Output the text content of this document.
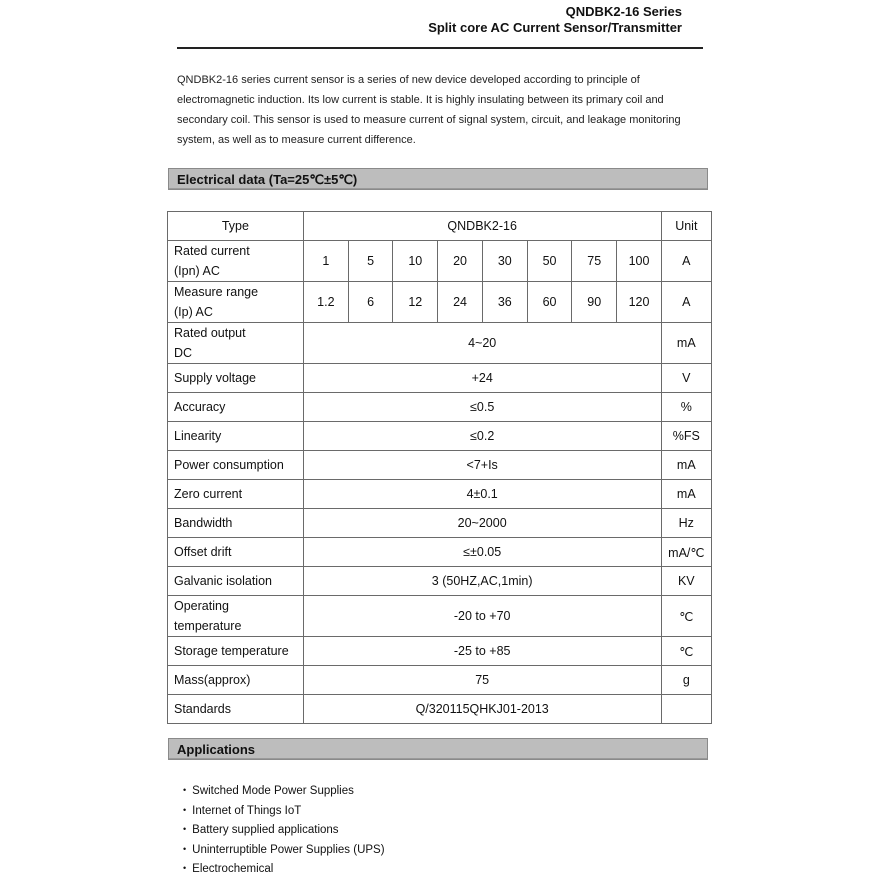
QNDBK2-16 Series
Split core AC Current Sensor/Transmitter
QNDBK2-16 series current sensor is a series of new device developed according to principle of electromagnetic induction. Its low current is stable. It is highly insulating between its primary coil and secondary coil. This sensor is used to measure current of signal system, circuit, and leakage monitoring system, as well as to measure current difference.
Electrical data (Ta=25℃±5℃)
Type	QNDBK2-16								Unit
Rated current
(Ipn) AC	1	5	10	20	30	50	75	100	A
Measure range
(Ip) AC	1.2	6	12	24	36	60	90	120	A
Rated output
DC	4~20								mA
Supply voltage	+24								V
Accuracy	≤0.5								%
Linearity	≤0.2								%FS
Power consumption	<7+Is								mA
Zero current	4±0.1								mA
Bandwidth	20~2000								Hz
Offset drift	≤±0.05								mA/℃
Galvanic isolation	3 (50HZ,AC,1min)								KV
Operating
temperature	-20 to +70								℃
Storage temperature	-25 to +85								℃
Mass(approx)	75								g
Standards	Q/320115QHKJ01-2013								
Applications
• Switched Mode Power Supplies
• Internet of Things IoT
• Battery supplied applications
• Uninterruptible Power Supplies (UPS)
• Electrochemical
